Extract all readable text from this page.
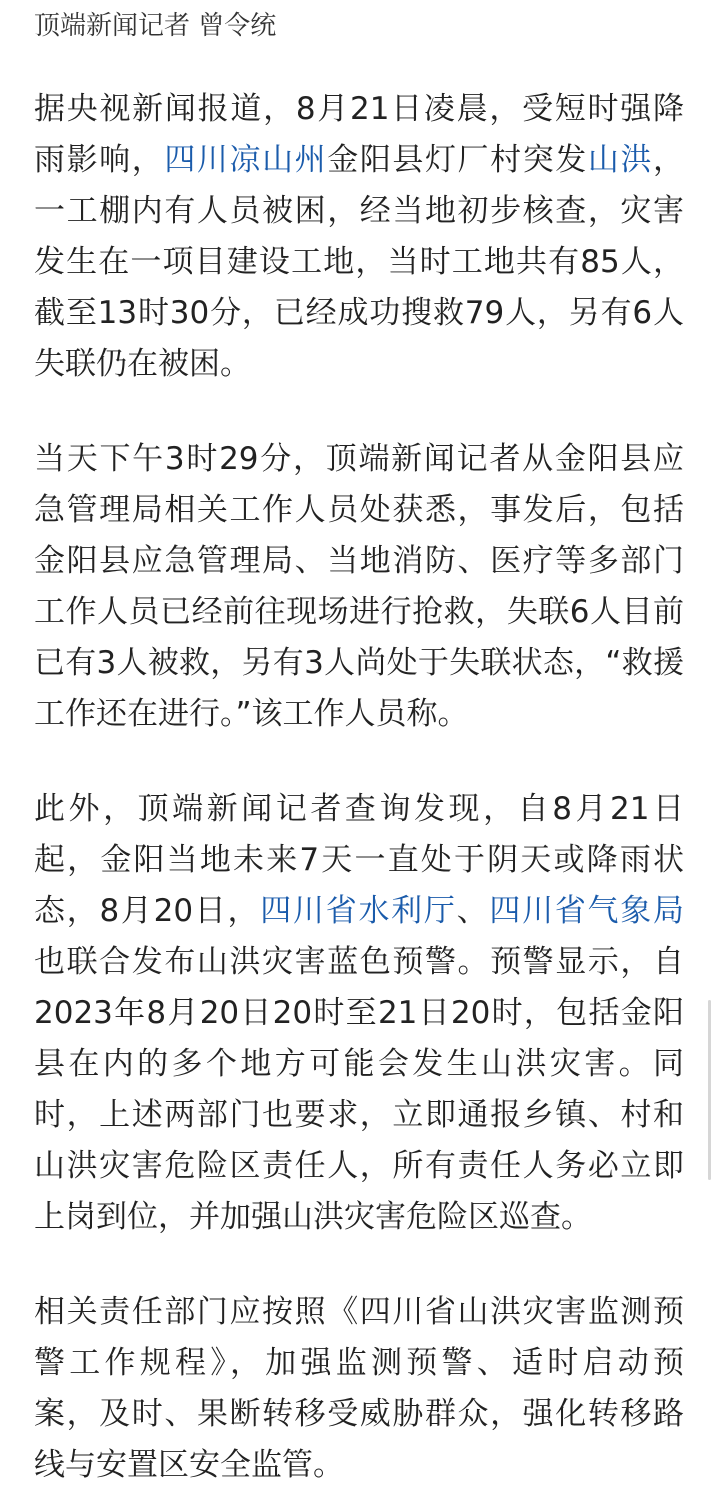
顶端新闻记者 曾令统

据央视新闻报道，8月21日凌晨，受短时强降
雨影响，四川凉山州金阳县灯厂村突发山洪，
一工棚内有人员被困，经当地初步核查，灾害
发生在一项目建设工地，当时工地共有85人，
截至13时30分，已经成功搜救79人，另有6人
失联仍在被困。

当天下午3时29分，顶端新闻记者从金阳县应
急管理局相关工作人员处获悉，事发后，包括
金阳县应急管理局、当地消防、医疗等多部门
工作人员已经前往现场进行抢救，失联6人目前
已有3人被救，另有3人尚处于失联状态，“救援
工作还在进行。”该工作人员称。

此外，顶端新闻记者查询发现，自8月21日
起，金阳当地未来7天一直处于阴天或降雨状
态，8月20日，四川省水利厅、四川省气象局
也联合发布山洪灾害蓝色预警。预警显示，自
2023年8月20日20时至21日20时，包括金阳
县在内的多个地方可能会发生山洪灾害。同
时，上述两部门也要求，立即通报乡镇、村和
山洪灾害危险区责任人，所有责任人务必立即
上岗到位，并加强山洪灾害危险区巡查。

相关责任部门应按照《四川省山洪灾害监测预
警工作规程》，加强监测预警、适时启动预
案，及时、果断转移受威胁群众，强化转移路
线与安置区安全监管。
